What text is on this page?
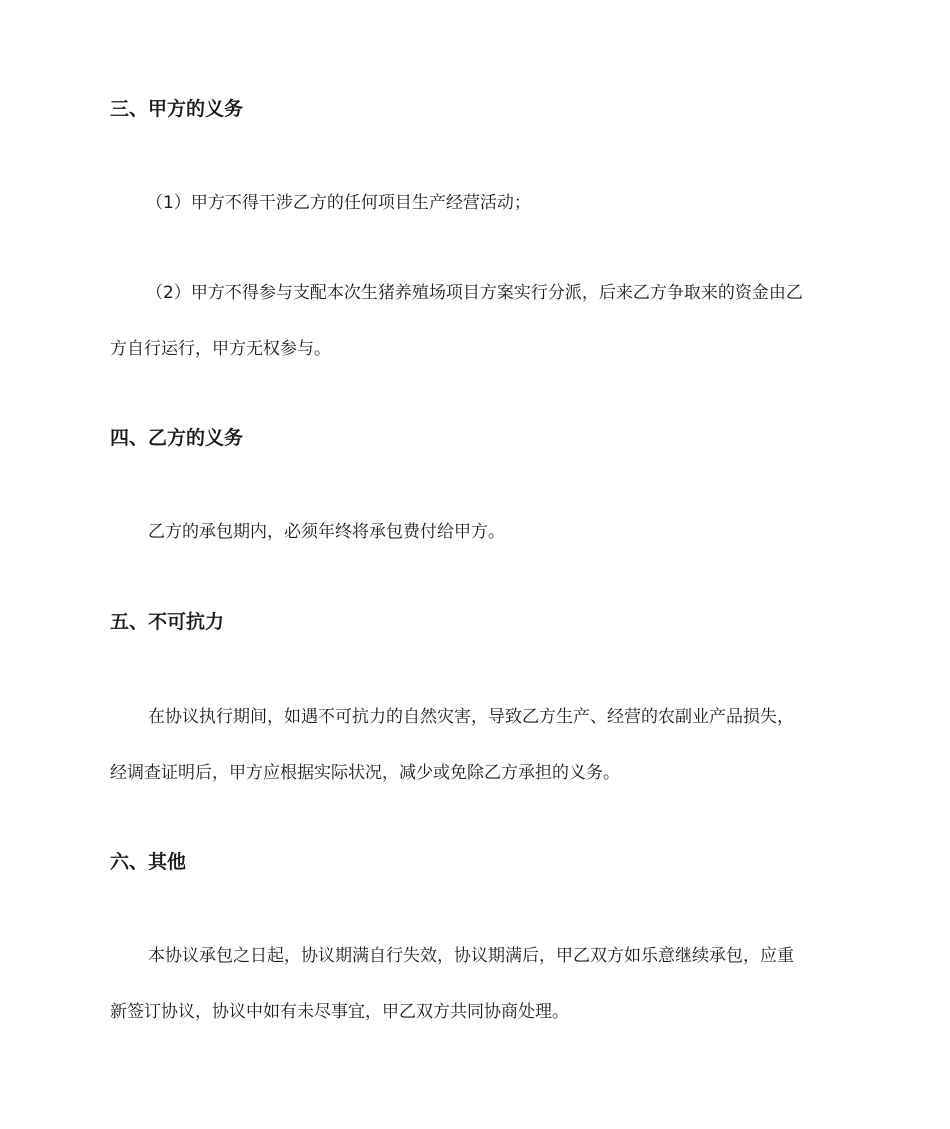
三、甲方的义务
（1）甲方不得干涉乙方的任何项目生产经营活动；
（2）甲方不得参与支配本次生猪养殖场项目方案实行分派，后来乙方争取来的资金由乙
方自行运行，甲方无权参与。
四、乙方的义务
乙方的承包期内，必须年终将承包费付给甲方。
五、不可抗力
在协议执行期间，如遇不可抗力的自然灾害，导致乙方生产、经营的农副业产品损失，
经调查证明后，甲方应根据实际状况，减少或免除乙方承担的义务。
六、其他
本协议承包之日起，协议期满自行失效，协议期满后，甲乙双方如乐意继续承包，应重
新签订协议，协议中如有未尽事宜，甲乙双方共同协商处理。
